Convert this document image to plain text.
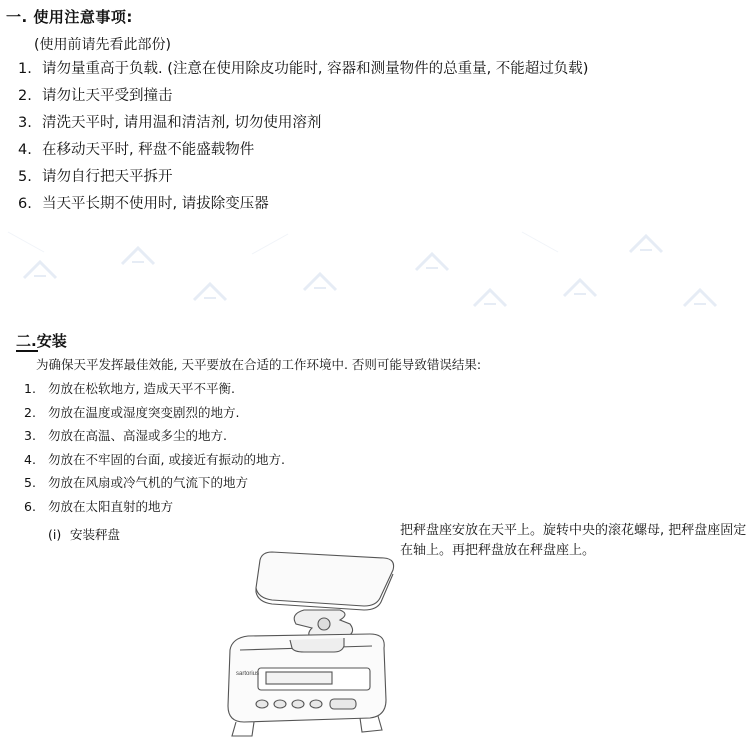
一. 使用注意事项:
(使用前请先看此部份)
1. 请勿量重高于负载. (注意在使用除皮功能时, 容器和测量物件的总重量, 不能超过负载)
2. 请勿让天平受到撞击
3. 清洗天平时, 请用温和清洁剂, 切勿使用溶剂
4. 在移动天平时, 秤盘不能盛载物件
5. 请勿自行把天平拆开
6. 当天平长期不使用时, 请拔除变压器
二.安装
为确保天平发挥最佳效能, 天平要放在合适的工作环境中. 否则可能导致错误结果:
1. 勿放在松软地方, 造成天平不平衡.
2. 勿放在温度或湿度突变剧烈的地方.
3. 勿放在高温、高湿或多尘的地方.
4. 勿放在不牢固的台面, 或接近有振动的地方.
5. 勿放在风扇或冷气机的气流下的地方
6. 勿放在太阳直射的地方
(i) 安装秤盘	把秤盘座安放在天平上。旋转中央的滚花螺母, 把秤盘座固定在轴上。再把秤盘放在秤盘座上。
sartorius
